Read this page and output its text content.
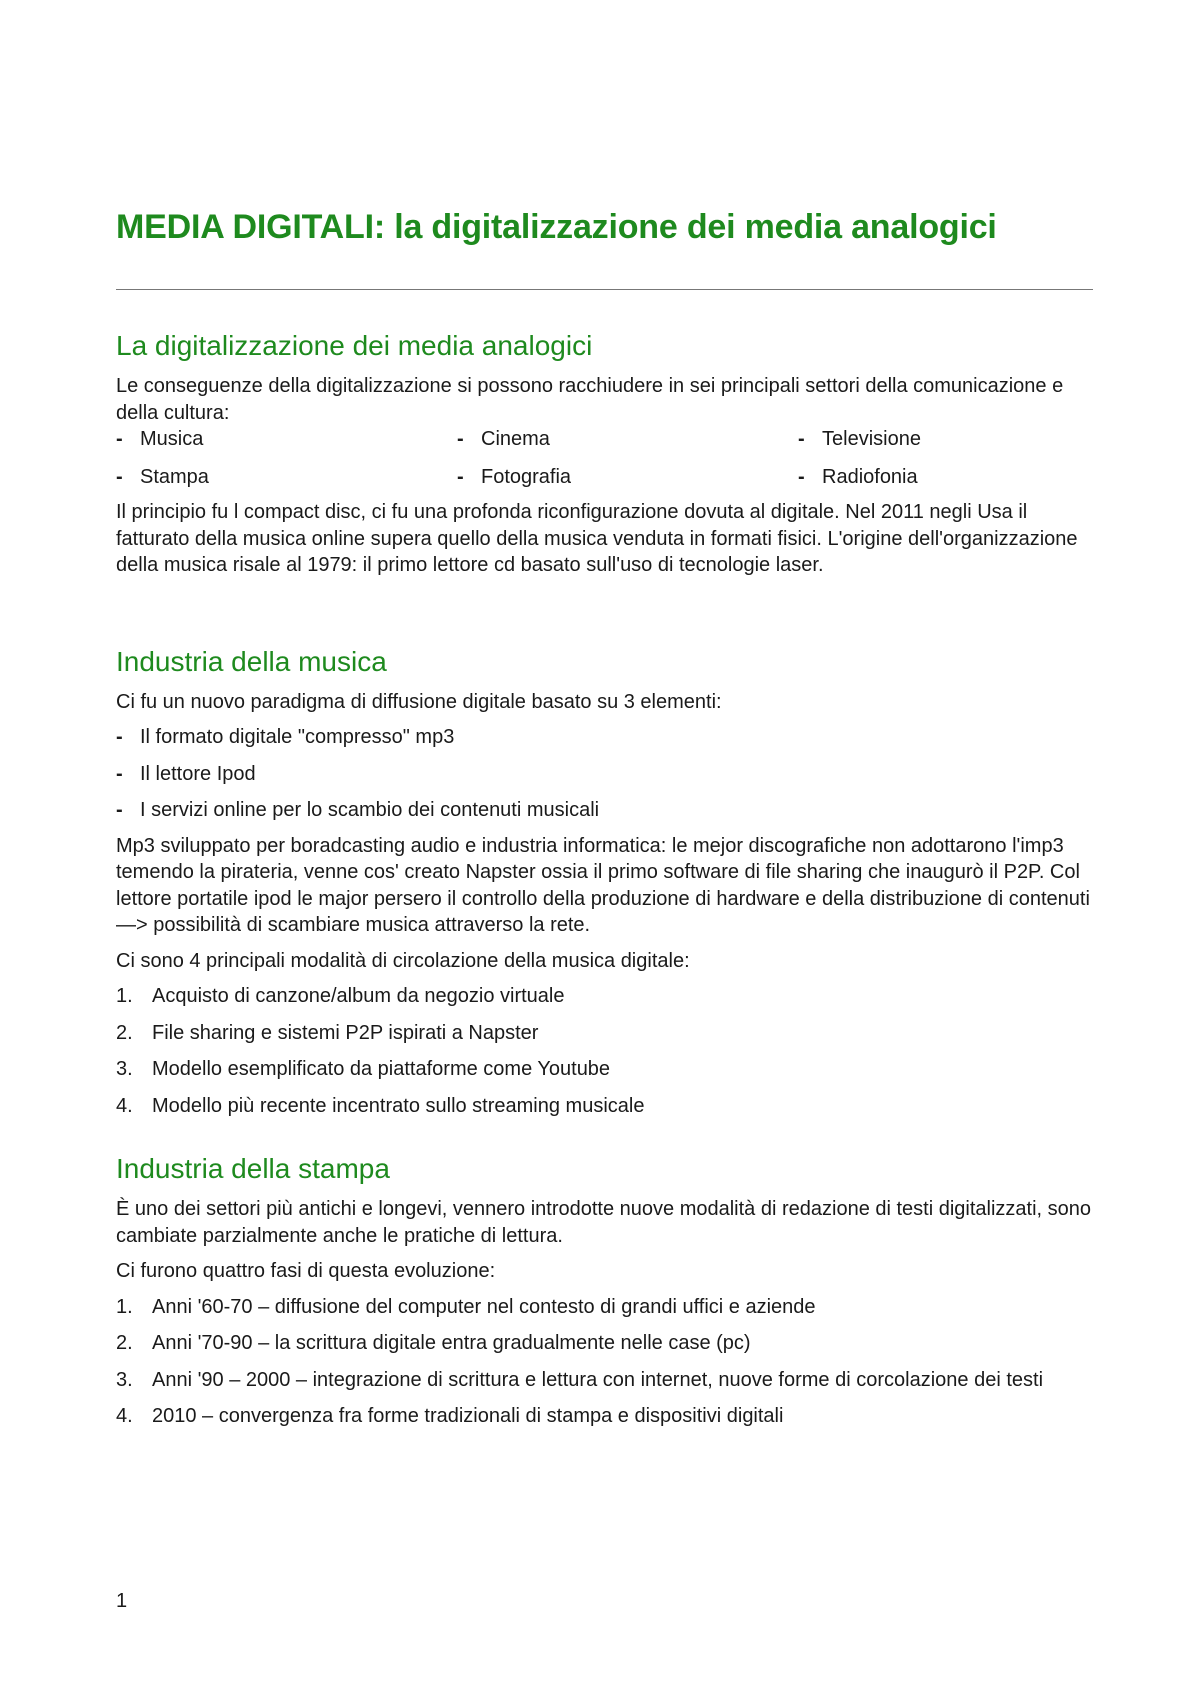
MEDIA DIGITALI: la digitalizzazione dei media analogici
La digitalizzazione dei media analogici

Le conseguenze della digitalizzazione si possono racchiudere in sei principali settori della comunicazione e della cultura:

- Musica	- Cinema	- Televisione
- Stampa	- Fotografia	- Radiofonia

Il principio fu l compact disc, ci fu una profonda riconfigurazione dovuta al digitale. Nel 2011 negli Usa il fatturato della musica online supera quello della musica venduta in formati fisici. L'origine dell'organizzazione della musica risale al 1979: il primo lettore cd basato sull'uso di tecnologie laser.

Industria della musica

Ci fu un nuovo paradigma di diffusione digitale basato su 3 elementi:

- Il formato digitale "compresso" mp3
- Il lettore Ipod
- I servizi online per lo scambio dei contenuti musicali

Mp3 sviluppato per boradcasting audio e industria informatica: le mejor discografiche non adottarono l'imp3 temendo la pirateria, venne cos' creato Napster ossia il primo software di file sharing che inaugurò il P2P. Col lettore portatile ipod le major persero il controllo della produzione di hardware e della distribuzione di contenuti —> possibilità di scambiare musica attraverso la rete.

Ci sono 4 principali modalità di circolazione della musica digitale:

1. Acquisto di canzone/album da negozio virtuale
2. File sharing e sistemi P2P ispirati a Napster
3. Modello esemplificato da piattaforme come Youtube
4. Modello più recente incentrato sullo streaming musicale
Industria della stampa

È uno dei settori più antichi e longevi, vennero introdotte nuove modalità di redazione di testi digitalizzati, sono cambiate parzialmente anche le pratiche di lettura.

Ci furono quattro fasi di questa evoluzione:

1. Anni '60-70 – diffusione del computer nel contesto di grandi uffici e aziende
2. Anni '70-90 – la scrittura digitale entra gradualmente nelle case (pc)
3. Anni '90 – 2000 – integrazione di scrittura e lettura con internet, nuove forme di corcolazione dei testi
4. 2010 – convergenza fra forme tradizionali di stampa e dispositivi digitali
1
